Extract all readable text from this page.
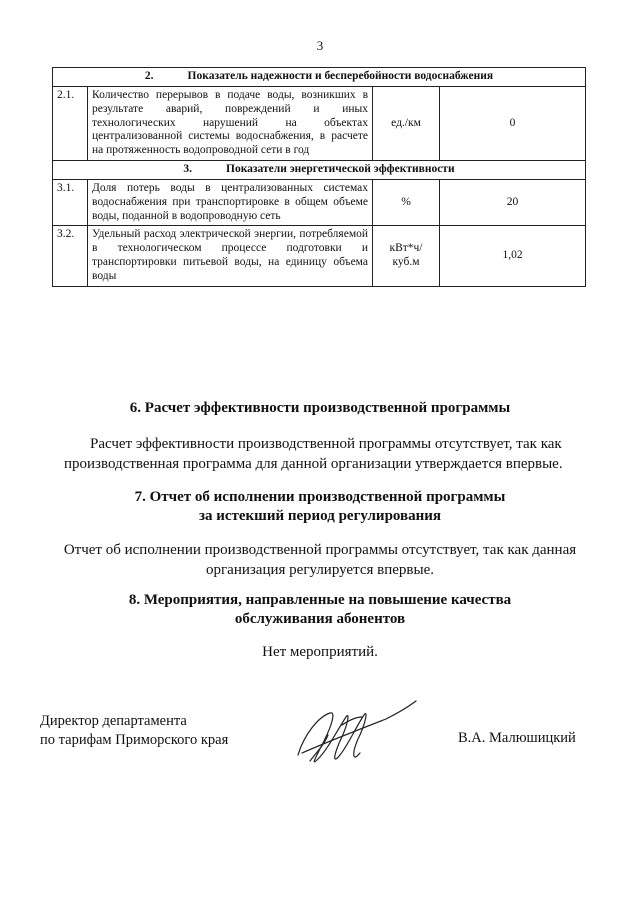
3
2. Показатель надежности и бесперебойности водоснабжения			
2.1.	Количество перерывов в подаче воды, возникших в результате аварий, повреждений и иных технологических нарушений на объектах централизованной системы водоснабжения, в расчете на протяженность водопроводной сети в год	ед./км	0
3. Показатели энергетической эффективности			
3.1.	Доля потерь воды в централизованных системах водоснабжения при транспортировке в общем объеме воды, поданной в водопроводную сеть	%	20
3.2.	Удельный расход электрической энергии, потребляемой в технологическом процессе подготовки и транспортировки питьевой воды, на единицу объема воды	кВт*ч/ куб.м	1,02
6. Расчет эффективности производственной программы
Расчет эффективности производственной программы отсутствует, так как
производственная программа для данной организации утверждается впервые.
7. Отчет об исполнении производственной программы
за истекший период регулирования
Отчет об исполнении производственной программы отсутствует, так как данная
организация регулируется впервые.
8. Мероприятия, направленные на повышение качества
обслуживания абонентов
Нет мероприятий.
Директор департамента
по тарифам Приморского края	В.А. Малюшицкий
